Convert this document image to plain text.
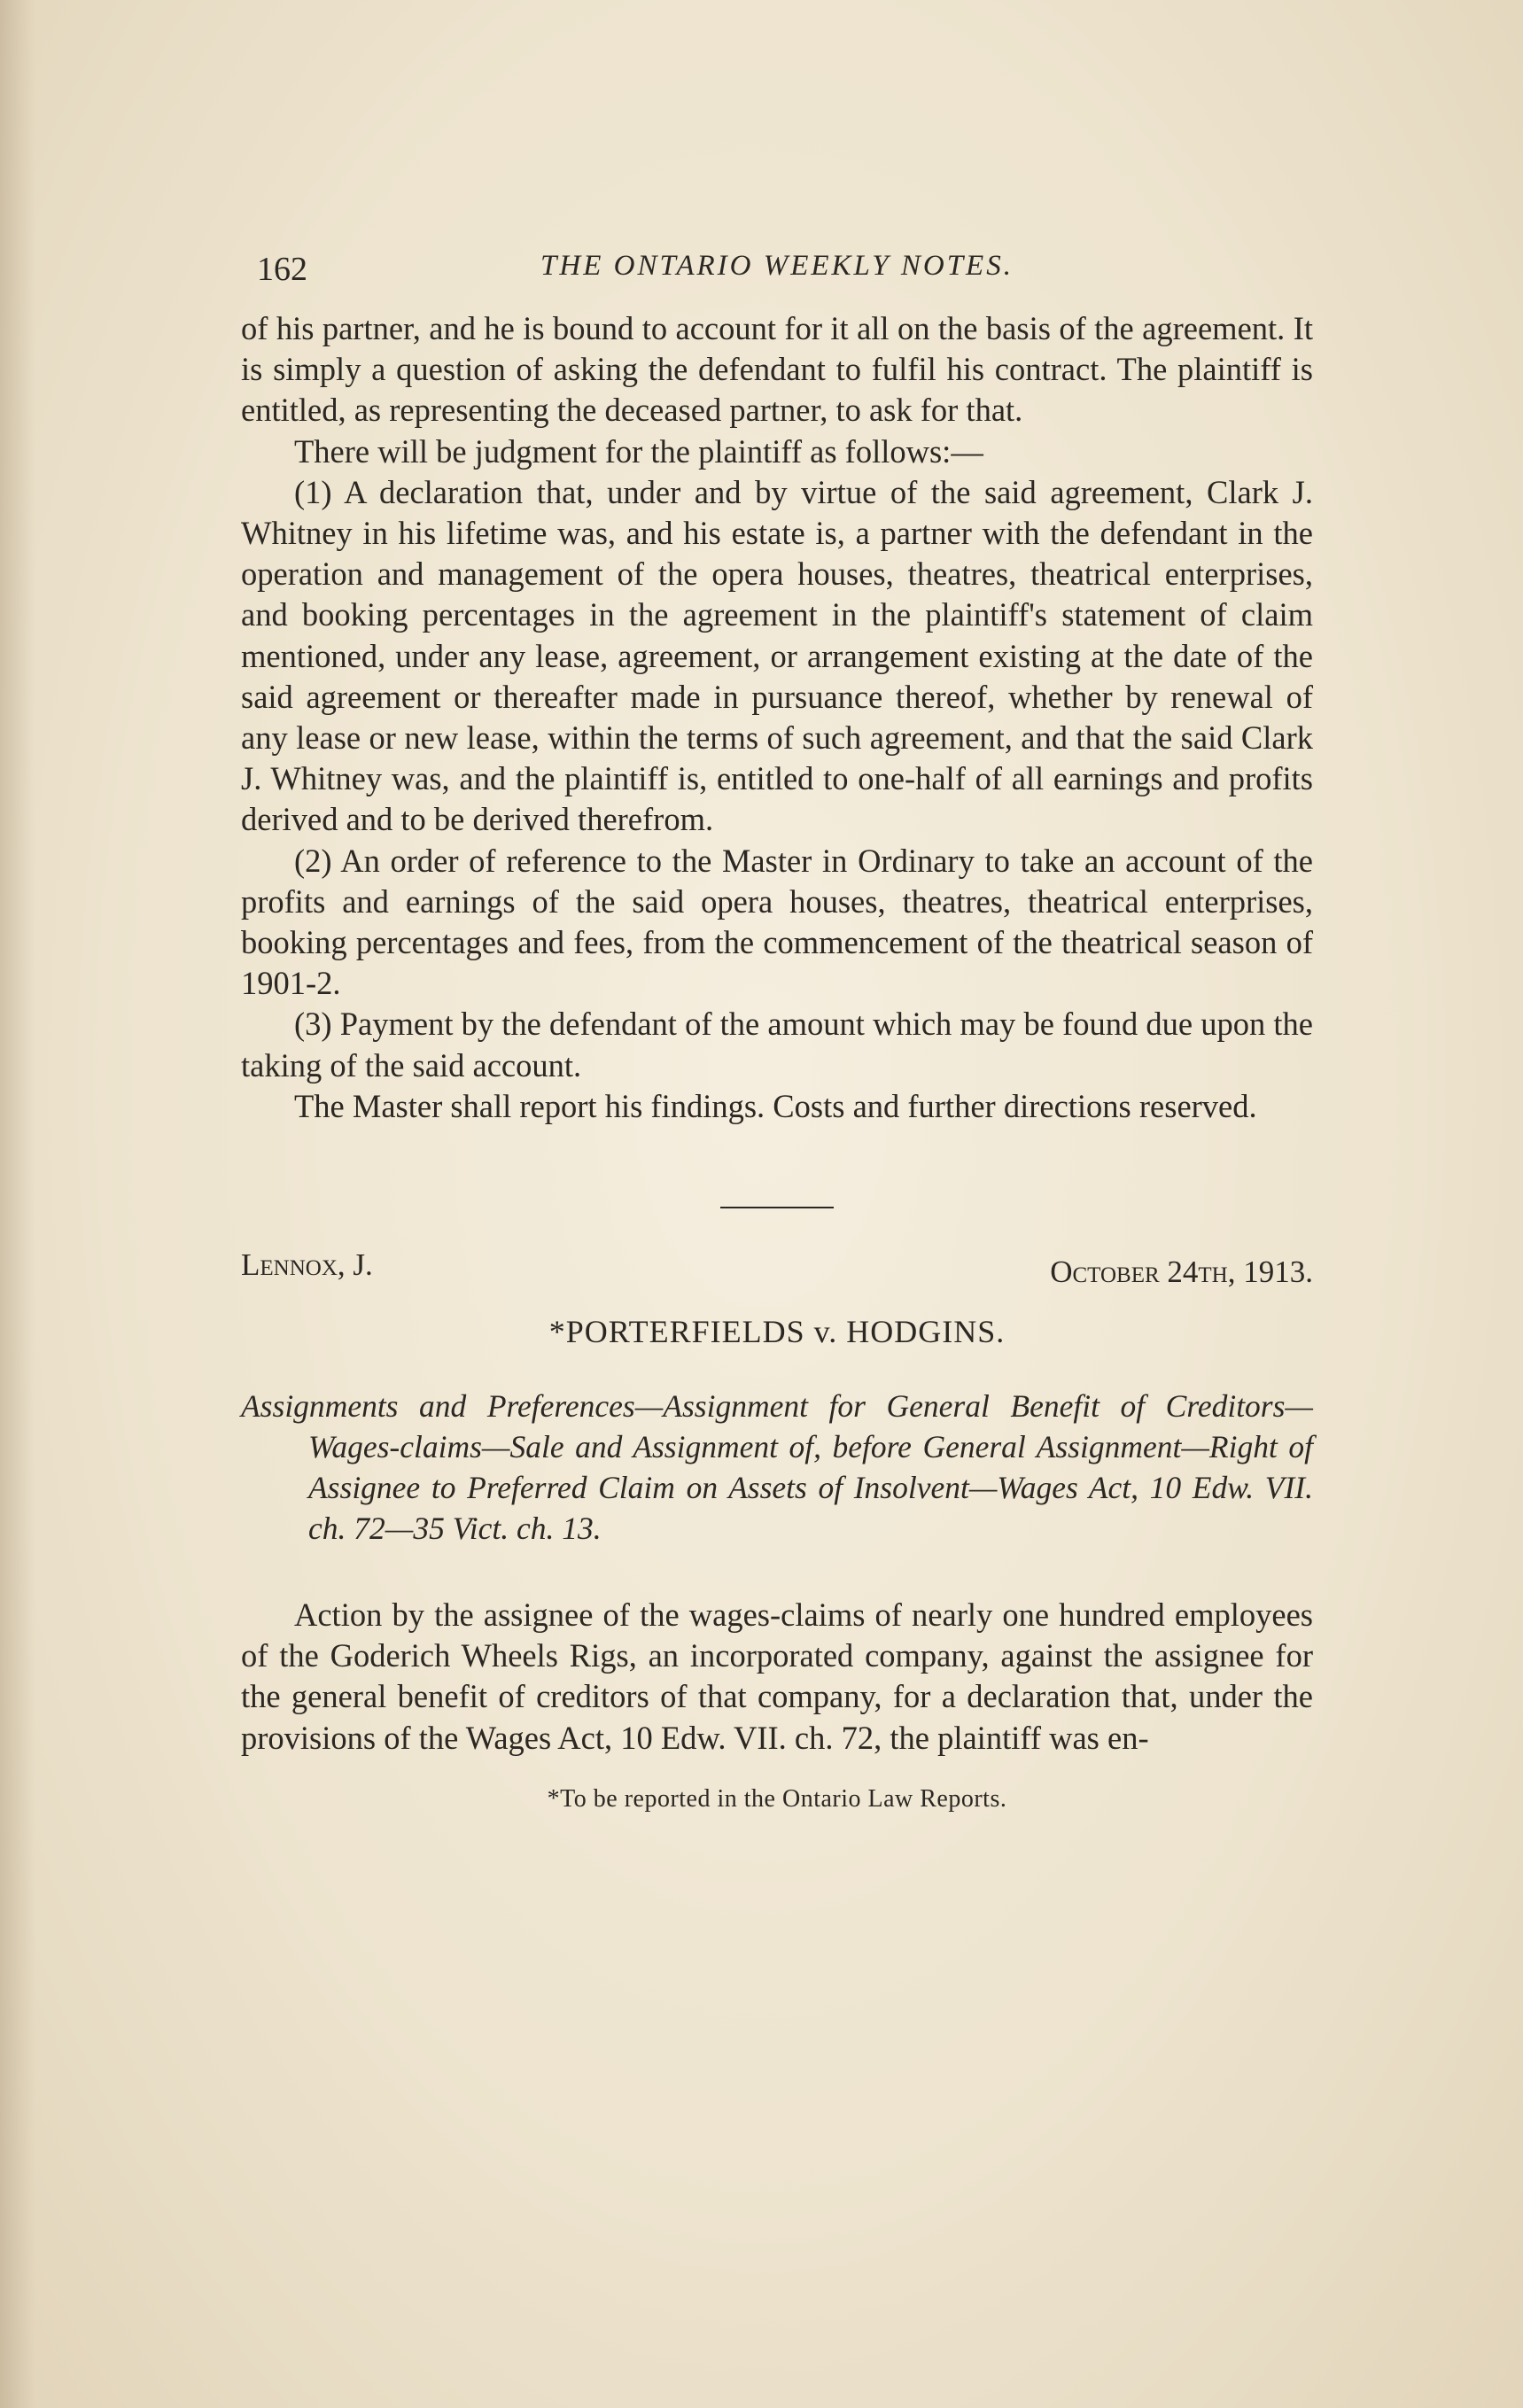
162	THE ONTARIO WEEKLY NOTES.

of his partner, and he is bound to account for it all on the basis of the agreement. It is simply a question of asking the defendant to fulfil his contract. The plaintiff is entitled, as representing the deceased partner, to ask for that.

There will be judgment for the plaintiff as follows:—

(1) A declaration that, under and by virtue of the said agreement, Clark J. Whitney in his lifetime was, and his estate is, a partner with the defendant in the operation and management of the opera houses, theatres, theatrical enterprises, and booking percentages in the agreement in the plaintiff's statement of claim mentioned, under any lease, agreement, or arrangement existing at the date of the said agreement or thereafter made in pursuance thereof, whether by renewal of any lease or new lease, within the terms of such agreement, and that the said Clark J. Whitney was, and the plaintiff is, entitled to one-half of all earnings and profits derived and to be derived therefrom.

(2) An order of reference to the Master in Ordinary to take an account of the profits and earnings of the said opera houses, theatres, theatrical enterprises, booking percentages and fees, from the commencement of the theatrical season of 1901-2.

(3) Payment by the defendant of the amount which may be found due upon the taking of the said account.

The Master shall report his findings. Costs and further directions reserved.

Lennox, J.	October 24th, 1913.
*PORTERFIELDS v. HODGINS.
Assignments and Preferences—Assignment for General Benefit of Creditors—Wages-claims—Sale and Assignment of, before General Assignment—Right of Assignee to Preferred Claim on Assets of Insolvent—Wages Act, 10 Edw. VII. ch. 72—35 Vict. ch. 13.

Action by the assignee of the wages-claims of nearly one hundred employees of the Goderich Wheels Rigs, an incorporated company, against the assignee for the general benefit of creditors of that company, for a declaration that, under the provisions of the Wages Act, 10 Edw. VII. ch. 72, the plaintiff was en-

*To be reported in the Ontario Law Reports.
